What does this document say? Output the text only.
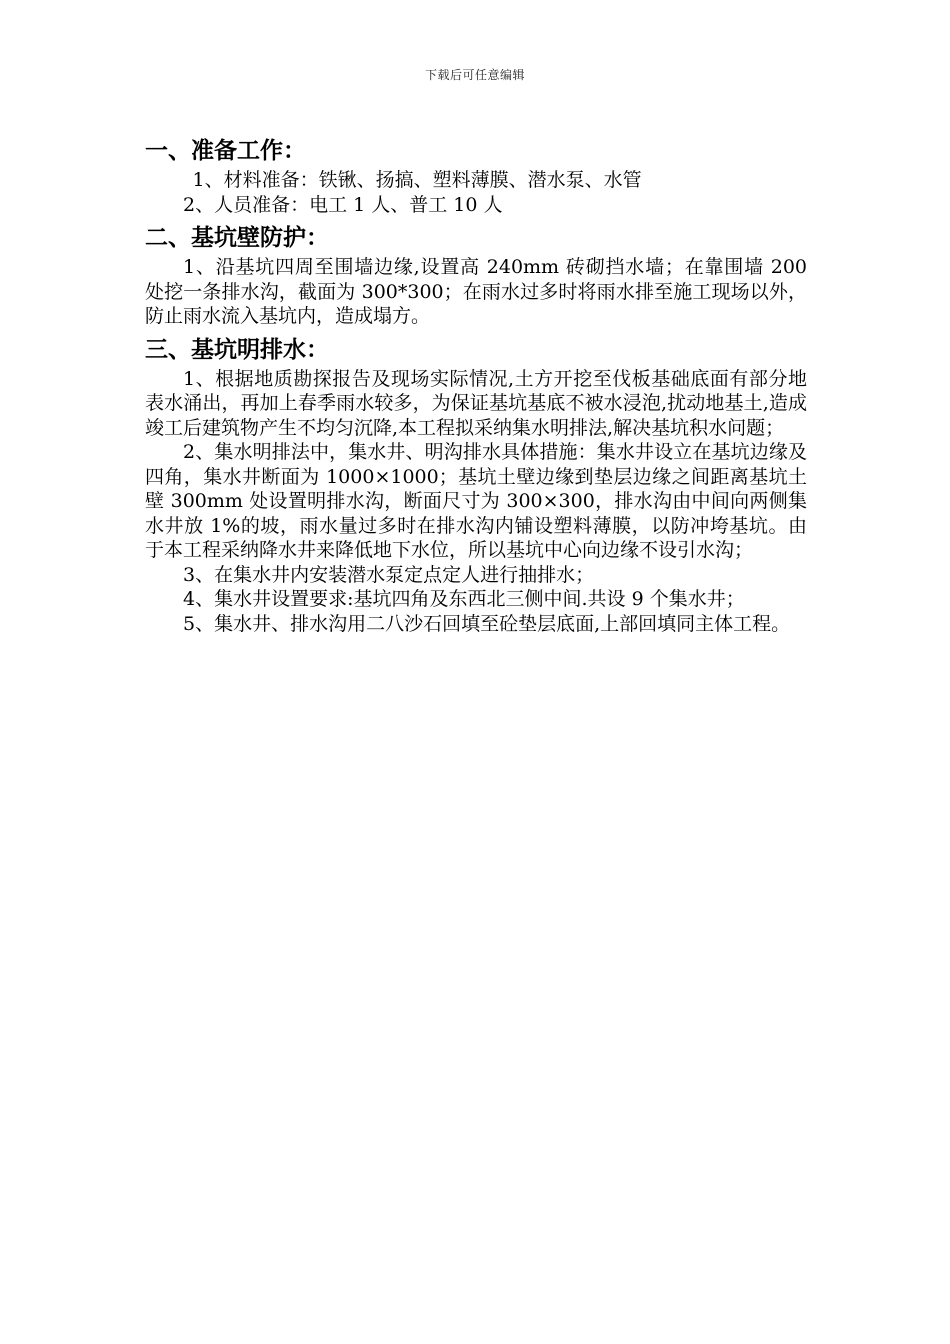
下载后可任意编辑
一、准备工作：

1、材料准备：铁锹、扬搞、塑料薄膜、潜水泵、水管

2、人员准备：电工 1 人、普工 10 人

二、基坑壁防护：

1、沿基坑四周至围墙边缘,设置高 240mm 砖砌挡水墙；在靠围墙 200 处挖一条排水沟，截面为 300*300；在雨水过多时将雨水排至施工现场以外，防止雨水流入基坑内，造成塌方。

三、基坑明排水：

1、根据地质勘探报告及现场实际情况,土方开挖至伐板基础底面有部分地表水涌出，再加上春季雨水较多，为保证基坑基底不被水浸泡,扰动地基土,造成竣工后建筑物产生不均匀沉降,本工程拟采纳集水明排法,解决基坑积水问题；

2、集水明排法中，集水井、明沟排水具体措施：集水井设立在基坑边缘及四角，集水井断面为 1000×1000；基坑土壁边缘到垫层边缘之间距离基坑土壁 300mm 处设置明排水沟，断面尺寸为 300×300，排水沟由中间向两侧集水井放 1%的坡，雨水量过多时在排水沟内铺设塑料薄膜，以防冲垮基坑。由于本工程采纳降水井来降低地下水位，所以基坑中心向边缘不设引水沟；

3、在集水井内安装潜水泵定点定人进行抽排水；

4、集水井设置要求:基坑四角及东西北三侧中间.共设 9 个集水井；

5、集水井、排水沟用二八沙石回填至砼垫层底面,上部回填同主体工程。
